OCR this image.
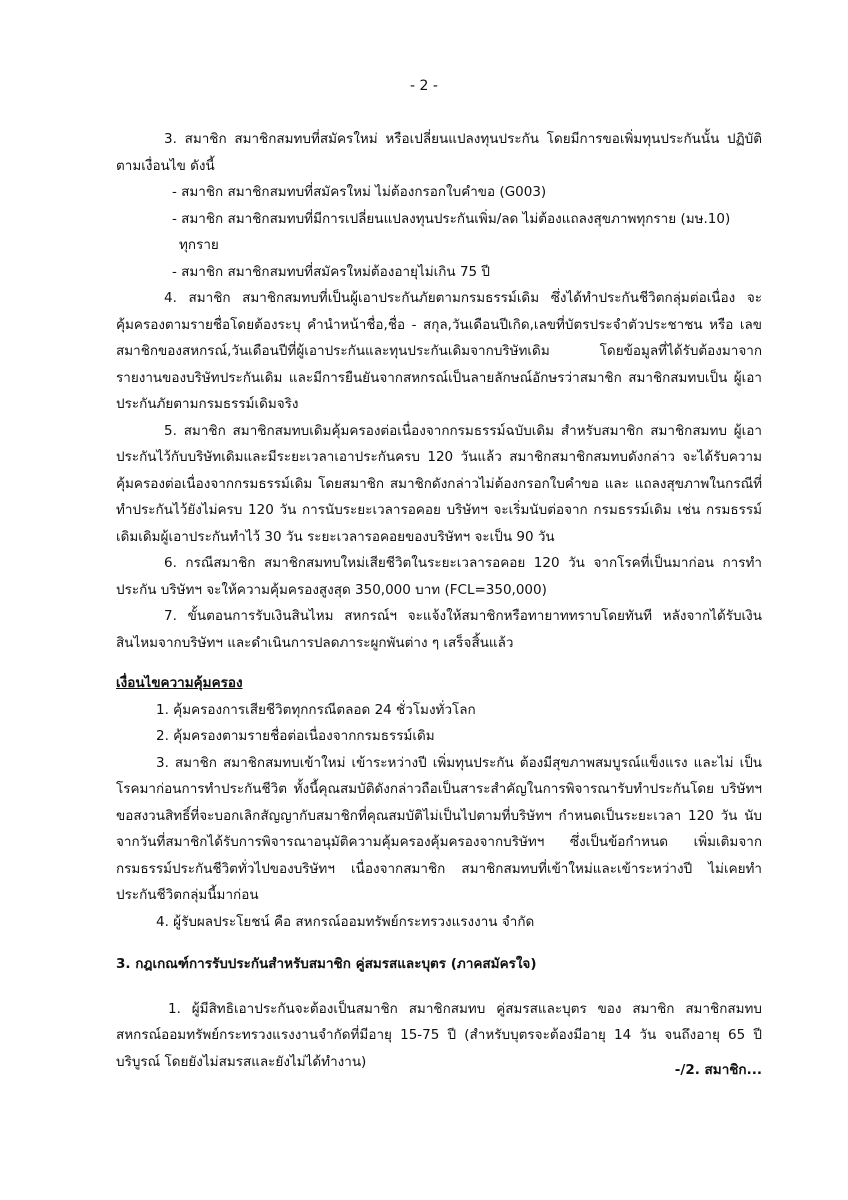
- 2 -

3. สมาชิก สมาชิกสมทบที่สมัครใหม่ หรือเปลี่ยนแปลงทุนประกัน โดยมีการขอเพิ่มทุนประกันนั้น ปฏิบัติตามเงื่อนไข ดังนี้

- สมาชิก สมาชิกสมทบที่สมัครใหม่ ไม่ต้องกรอกใบคำขอ (G003)

- สมาชิก สมาชิกสมทบที่มีการเปลี่ยนแปลงทุนประกันเพิ่ม/ลด ไม่ต้องแถลงสุขภาพทุกราย (มษ.10)

ทุกราย

- สมาชิก สมาชิกสมทบที่สมัครใหม่ต้องอายุไม่เกิน 75 ปี

4. สมาชิก สมาชิกสมทบที่เป็นผู้เอาประกันภัยตามกรมธรรม์เดิม ซึ่งได้ทำประกันชีวิตกลุ่มต่อเนื่อง จะคุ้มครองตามรายชื่อโดยต้องระบุ คำนำหน้าชื่อ,ชื่อ - สกุล,วันเดือนปีเกิด,เลขที่บัตรประจำตัวประชาชน หรือ เลขสมาชิกของสหกรณ์,วันเดือนปีที่ผู้เอาประกันและทุนประกันเดิมจากบริษัทเดิม โดยข้อมูลที่ได้รับต้องมาจาก รายงานของบริษัทประกันเดิม และมีการยืนยันจากสหกรณ์เป็นลายลักษณ์อักษรว่าสมาชิก สมาชิกสมทบเป็น ผู้เอาประกันภัยตามกรมธรรม์เดิมจริง

5. สมาชิก สมาชิกสมทบเดิมคุ้มครองต่อเนื่องจากกรมธรรม์ฉบับเดิม สำหรับสมาชิก สมาชิกสมทบ ผู้เอาประกันไว้กับบริษัทเดิมและมีระยะเวลาเอาประกันครบ 120 วันแล้ว สมาชิกสมาชิกสมทบดังกล่าว จะได้รับความคุ้มครองต่อเนื่องจากกรมธรรม์เดิม โดยสมาชิก สมาชิกดังกล่าวไม่ต้องกรอกใบคำขอ และ แถลงสุขภาพในกรณีที่ทำประกันไว้ยังไม่ครบ 120 วัน การนับระยะเวลารอคอย บริษัทฯ จะเริ่มนับต่อจาก กรมธรรม์เดิม เช่น กรมธรรม์เดิมเดิมผู้เอาประกันทำไว้ 30 วัน ระยะเวลารอคอยของบริษัทฯ จะเป็น 90 วัน

6. กรณีสมาชิก สมาชิกสมทบใหม่เสียชีวิตในระยะเวลารอคอย 120 วัน จากโรคที่เป็นมาก่อน การทำประกัน บริษัทฯ จะให้ความคุ้มครองสูงสุด 350,000 บาท (FCL=350,000)

7. ขั้นตอนการรับเงินสินไหม สหกรณ์ฯ จะแจ้งให้สมาชิกหรือทายาททราบโดยทันที หลังจากได้รับเงิน สินไหมจากบริษัทฯ และดำเนินการปลดภาระผูกพันต่าง ๆ เสร็จสิ้นแล้ว

เงื่อนไขความคุ้มครอง

1. คุ้มครองการเสียชีวิตทุกกรณีตลอด 24 ชั่วโมงทั่วโลก

2. คุ้มครองตามรายชื่อต่อเนื่องจากกรมธรรม์เดิม

3. สมาชิก สมาชิกสมทบเข้าใหม่ เข้าระหว่างปี เพิ่มทุนประกัน ต้องมีสุขภาพสมบูรณ์แข็งแรง และไม่ เป็นโรคมาก่อนการทำประกันชีวิต ทั้งนี้คุณสมบัติดังกล่าวถือเป็นสาระสำคัญในการพิจารณารับทำประกันโดย บริษัทฯ ขอสงวนสิทธิ์ที่จะบอกเลิกสัญญากับสมาชิกที่คุณสมบัติไม่เป็นไปตามที่บริษัทฯ กำหนดเป็นระยะเวลา 120 วัน นับจากวันที่สมาชิกได้รับการพิจารณาอนุมัติความคุ้มครองคุ้มครองจากบริษัทฯ ซึ่งเป็นข้อกำหนด เพิ่มเติมจากกรมธรรม์ประกันชีวิตทั่วไปของบริษัทฯ เนื่องจากสมาชิก สมาชิกสมทบที่เข้าใหม่และเข้าระหว่างปี ไม่เคยทำประกันชีวิตกลุ่มนี้มาก่อน

4. ผู้รับผลประโยชน์ คือ สหกรณ์ออมทรัพย์กระทรวงแรงงาน จำกัด

3. กฎเกณฑ์การรับประกันสำหรับสมาชิก คู่สมรสและบุตร (ภาคสมัครใจ)

1. ผู้มีสิทธิเอาประกันจะต้องเป็นสมาชิก สมาชิกสมทบ คู่สมรสและบุตร ของ สมาชิก สมาชิกสมทบ สหกรณ์ออมทรัพย์กระทรวงแรงงานจำกัดที่มีอายุ 15-75 ปี (สำหรับบุตรจะต้องมีอายุ 14 วัน จนถึงอายุ 65 ปี บริบูรณ์ โดยยังไม่สมรสและยังไม่ได้ทำงาน)

-/2. สมาชิก...
